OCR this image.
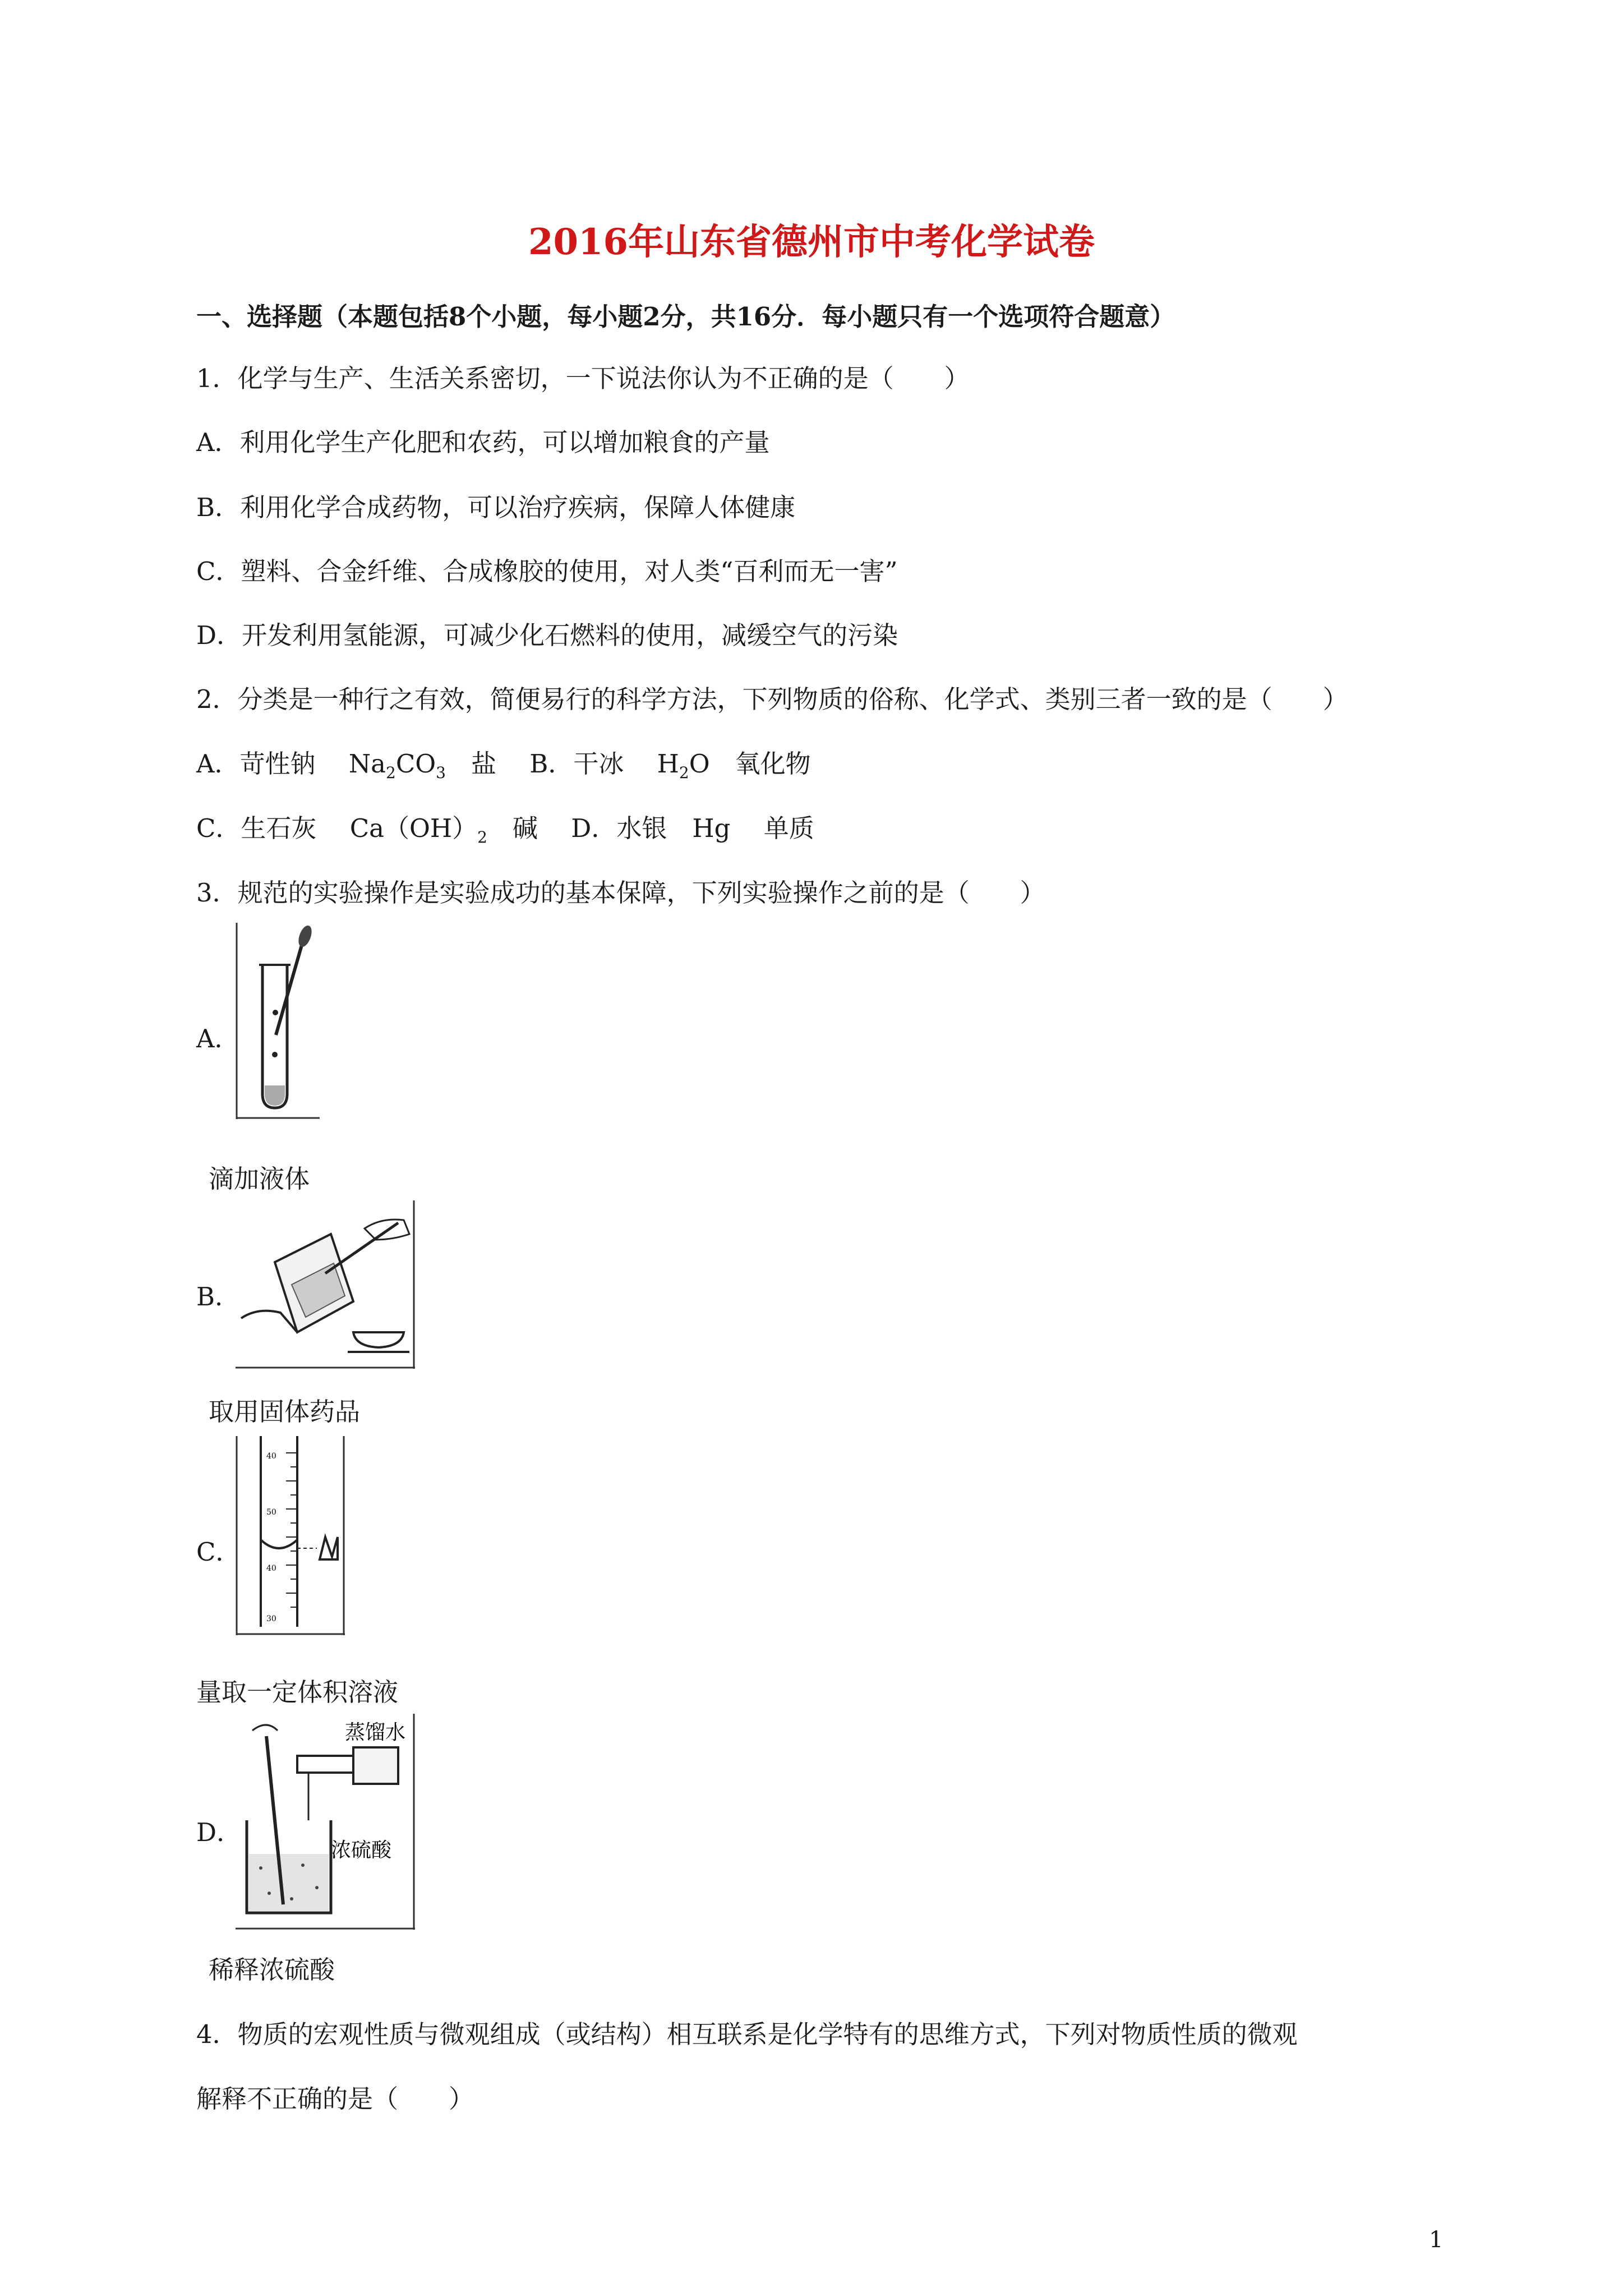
2016年山东省德州市中考化学试卷
一、选择题（本题包括8个小题，每小题2分，共16分．每小题只有一个选项符合题意）
1．化学与生产、生活关系密切，一下说法你认为不正确的是（　　）
A．利用化学生产化肥和农药，可以增加粮食的产量
B．利用化学合成药物，可以治疗疾病，保障人体健康
C．塑料、合金纤维、合成橡胶的使用，对人类“百利而无一害”
D．开发利用氢能源，可减少化石燃料的使用，减缓空气的污染
2．分类是一种行之有效，简便易行的科学方法，下列物质的俗称、化学式、类别三者一致的是（　　）
A．苛性钠　 $Na_2CO_3$　盐　 B．干冰　 $H_2O$　氧化物
C．生石灰　 $Ca(OH)_2$　碱　 D．水银　Hg　 单质
3．规范的实验操作是实验成功的基本保障，下列实验操作之前的是（　　）
A．
滴加液体
B．
取用固体药品
C．
40
50
40
30
量取一定体积溶液
D．
蒸馏水
浓硫酸
稀释浓硫酸
4．物质的宏观性质与微观组成（或结构）相互联系是化学特有的思维方式，下列对物质性质的微观
解释不正确的是（　　）
1
